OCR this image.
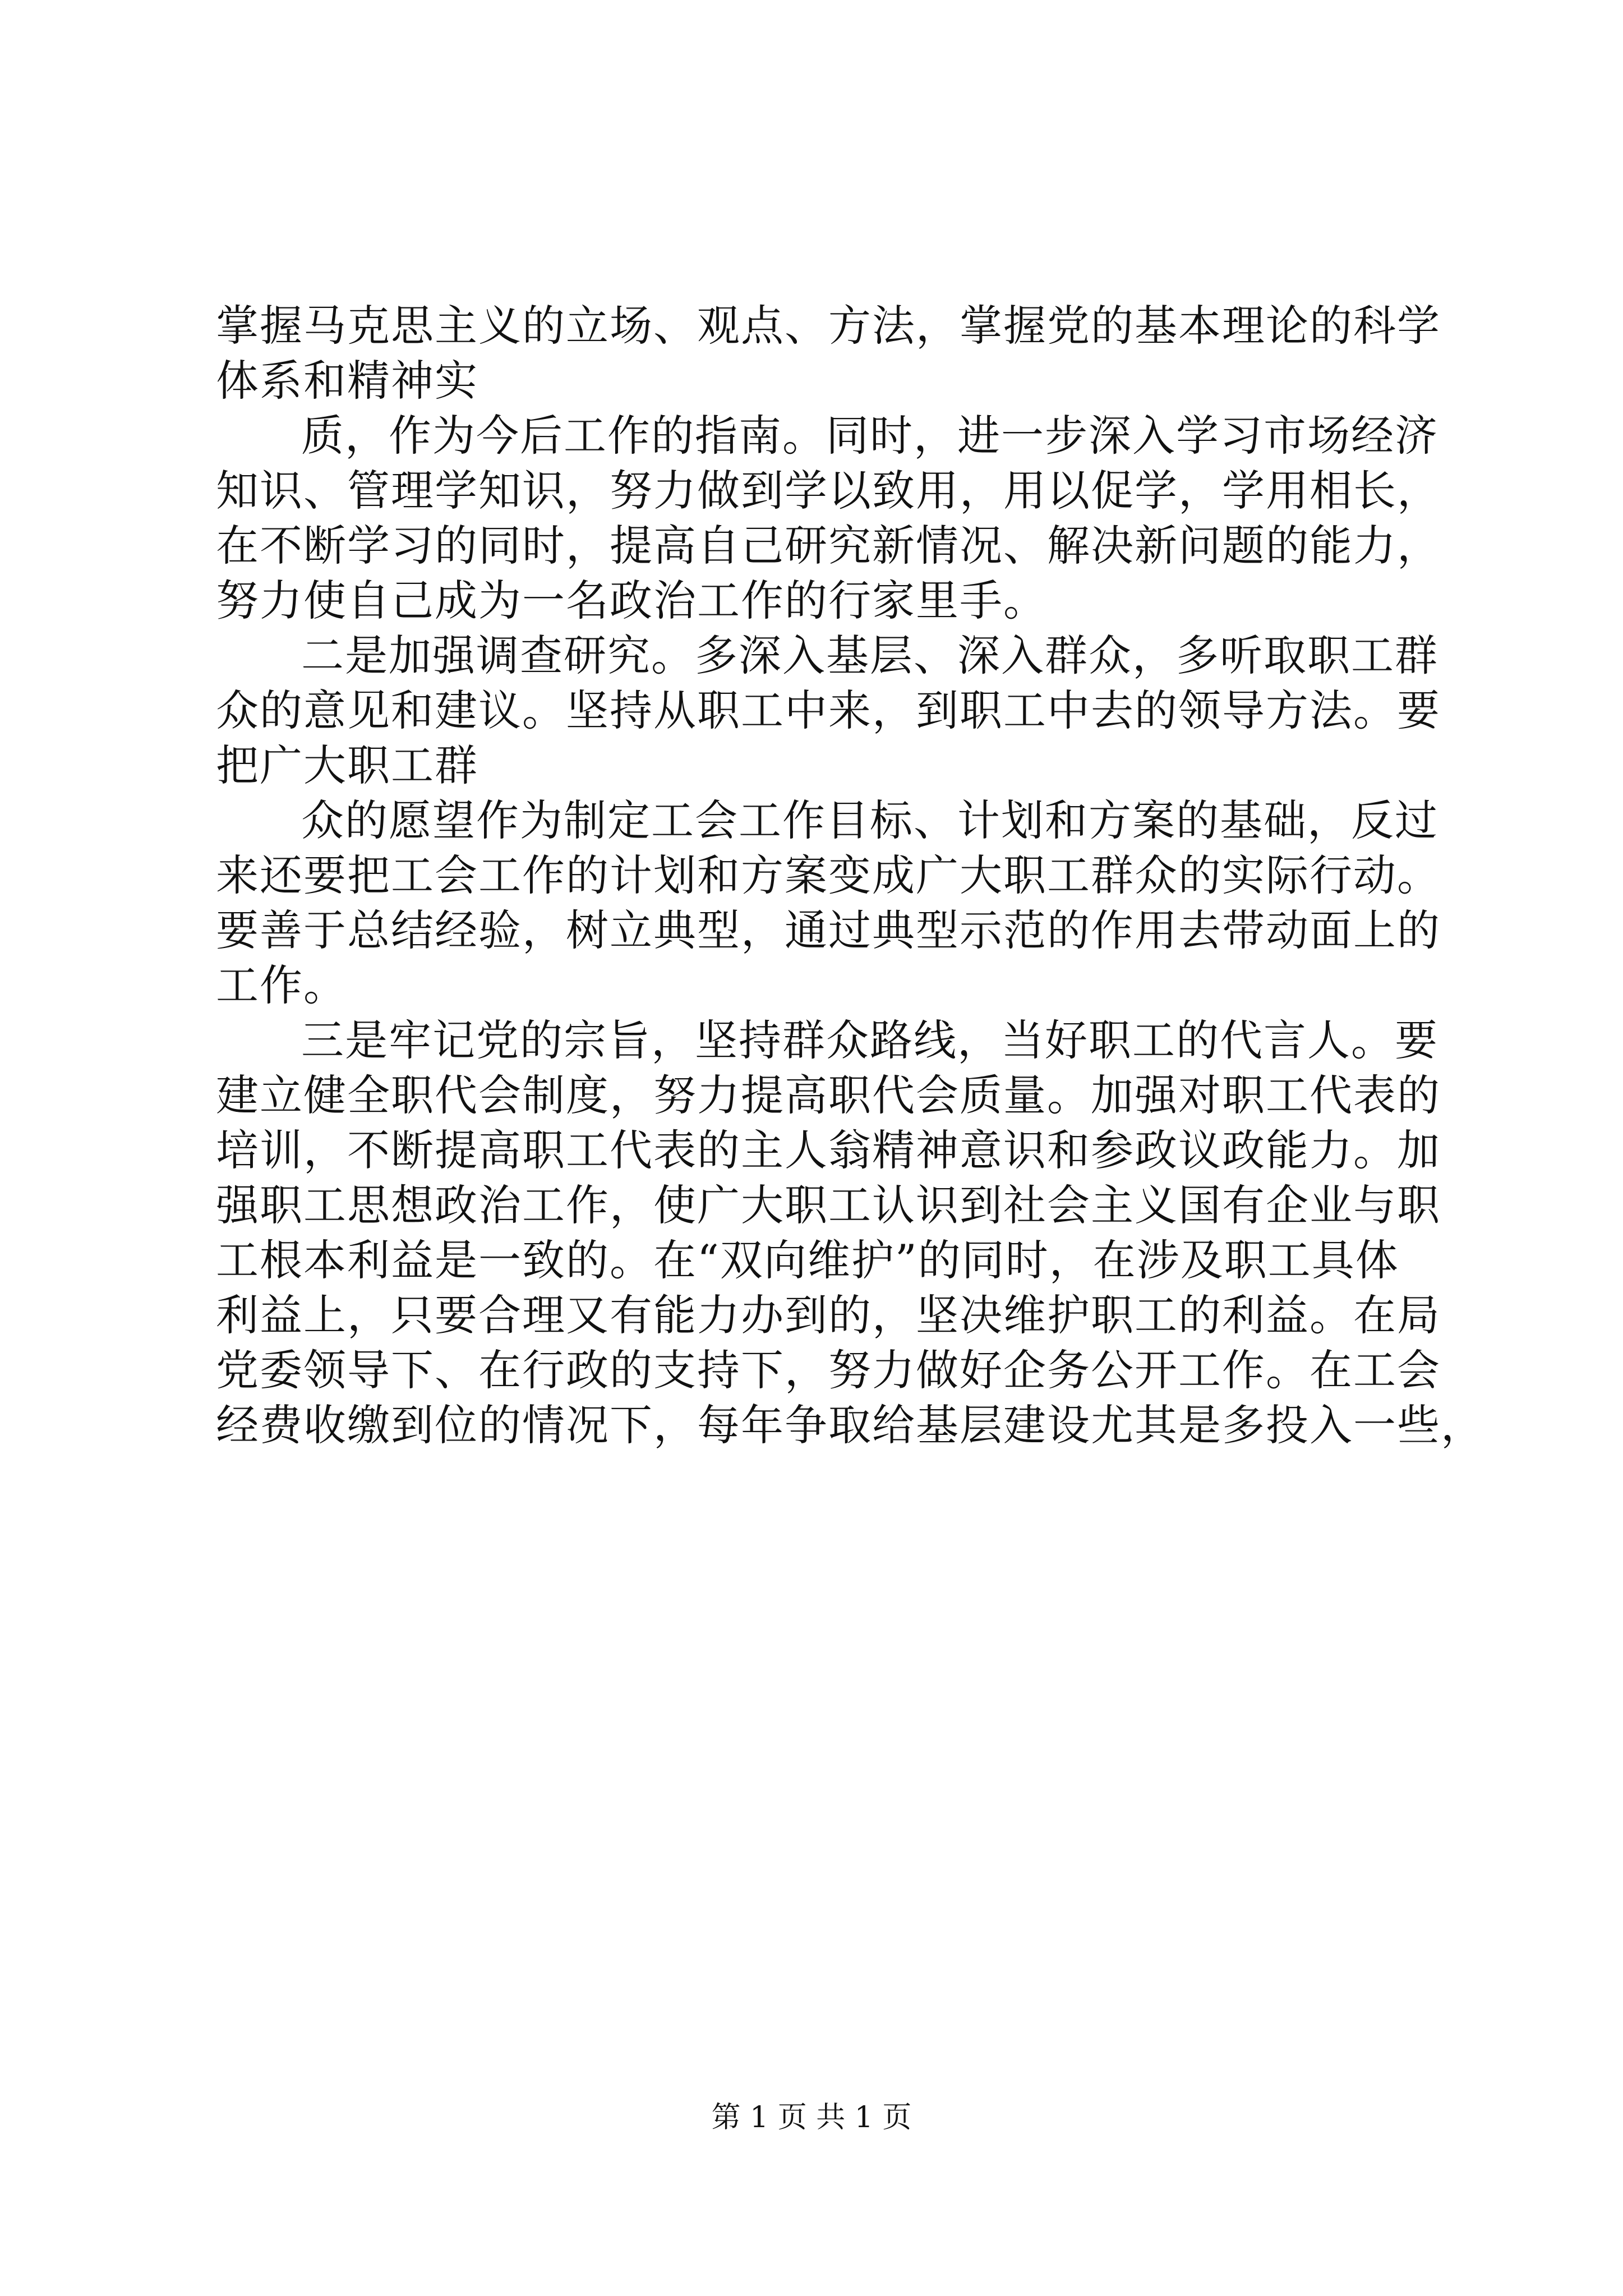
掌握马克思主义的立场、观点、方法，掌握党的基本理论的科学
体系和精神实
质，作为今后工作的指南。同时，进一步深入学习市场经济
知识、管理学知识，努力做到学以致用，用以促学，学用相长，
在不断学习的同时，提高自己研究新情况、解决新问题的能力，
努力使自己成为一名政治工作的行家里手。
二是加强调查研究。多深入基层、深入群众，多听取职工群
众的意见和建议。坚持从职工中来，到职工中去的领导方法。要
把广大职工群
众的愿望作为制定工会工作目标、计划和方案的基础，反过
来还要把工会工作的计划和方案变成广大职工群众的实际行动。
要善于总结经验，树立典型，通过典型示范的作用去带动面上的
工作。
三是牢记党的宗旨，坚持群众路线，当好职工的代言人。要
建立健全职代会制度，努力提高职代会质量。加强对职工代表的
培训，不断提高职工代表的主人翁精神意识和参政议政能力。加
强职工思想政治工作，使广大职工认识到社会主义国有企业与职
工根本利益是一致的。在“双向维护”的同时，在涉及职工具体
利益上，只要合理又有能力办到的，坚决维护职工的利益。在局
党委领导下、在行政的支持下，努力做好企务公开工作。在工会
经费收缴到位的情况下，每年争取给基层建设尤其是多投入一些，
第 1 页 共 1 页
